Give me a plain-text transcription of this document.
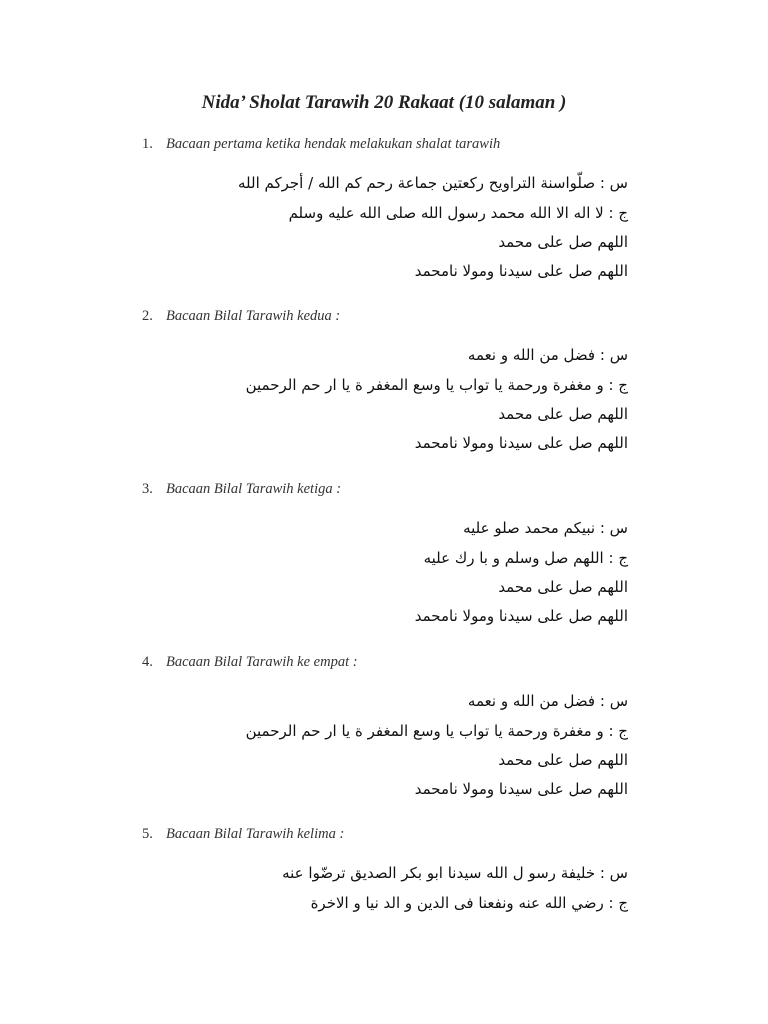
Nida’ Sholat Tarawih 20 Rakaat (10 salaman )
1. Bacaan pertama ketika hendak melakukan shalat tarawih
س : صلّواسنة التراويح ركعتين جماعة رحم كم الله / أجركم الله
ج : لا اله الا الله محمد رسول الله صلى الله عليه وسلم
اللهم صل على محمد
اللهم صل على سيدنا ومولا نامحمد
2. Bacaan Bilal Tarawih kedua :
س : فضل من الله و نعمه
ج : و مغفرة ورحمة يا تواب يا وسع المغفر ة يا ار حم الرحمين
اللهم صل على محمد
اللهم صل على سيدنا ومولا نامحمد
3. Bacaan Bilal Tarawih ketiga :
س : نبيكم محمد صلو عليه
ج : اللهم صل وسلم و با رك عليه
اللهم صل على محمد
اللهم صل على سيدنا ومولا نامحمد
4. Bacaan Bilal Tarawih ke empat :
س : فضل من الله و نعمه
ج : و مغفرة ورحمة يا تواب يا وسع المغفر ة يا ار حم الرحمين
اللهم صل على محمد
اللهم صل على سيدنا ومولا نامحمد
5. Bacaan Bilal Tarawih kelima :
س : خليفة رسو ل الله سيدنا ابو بكر الصديق ترضّوا عنه
ج : رضي الله عنه ونفعنا فى الدين و الد نيا و الاخرة
